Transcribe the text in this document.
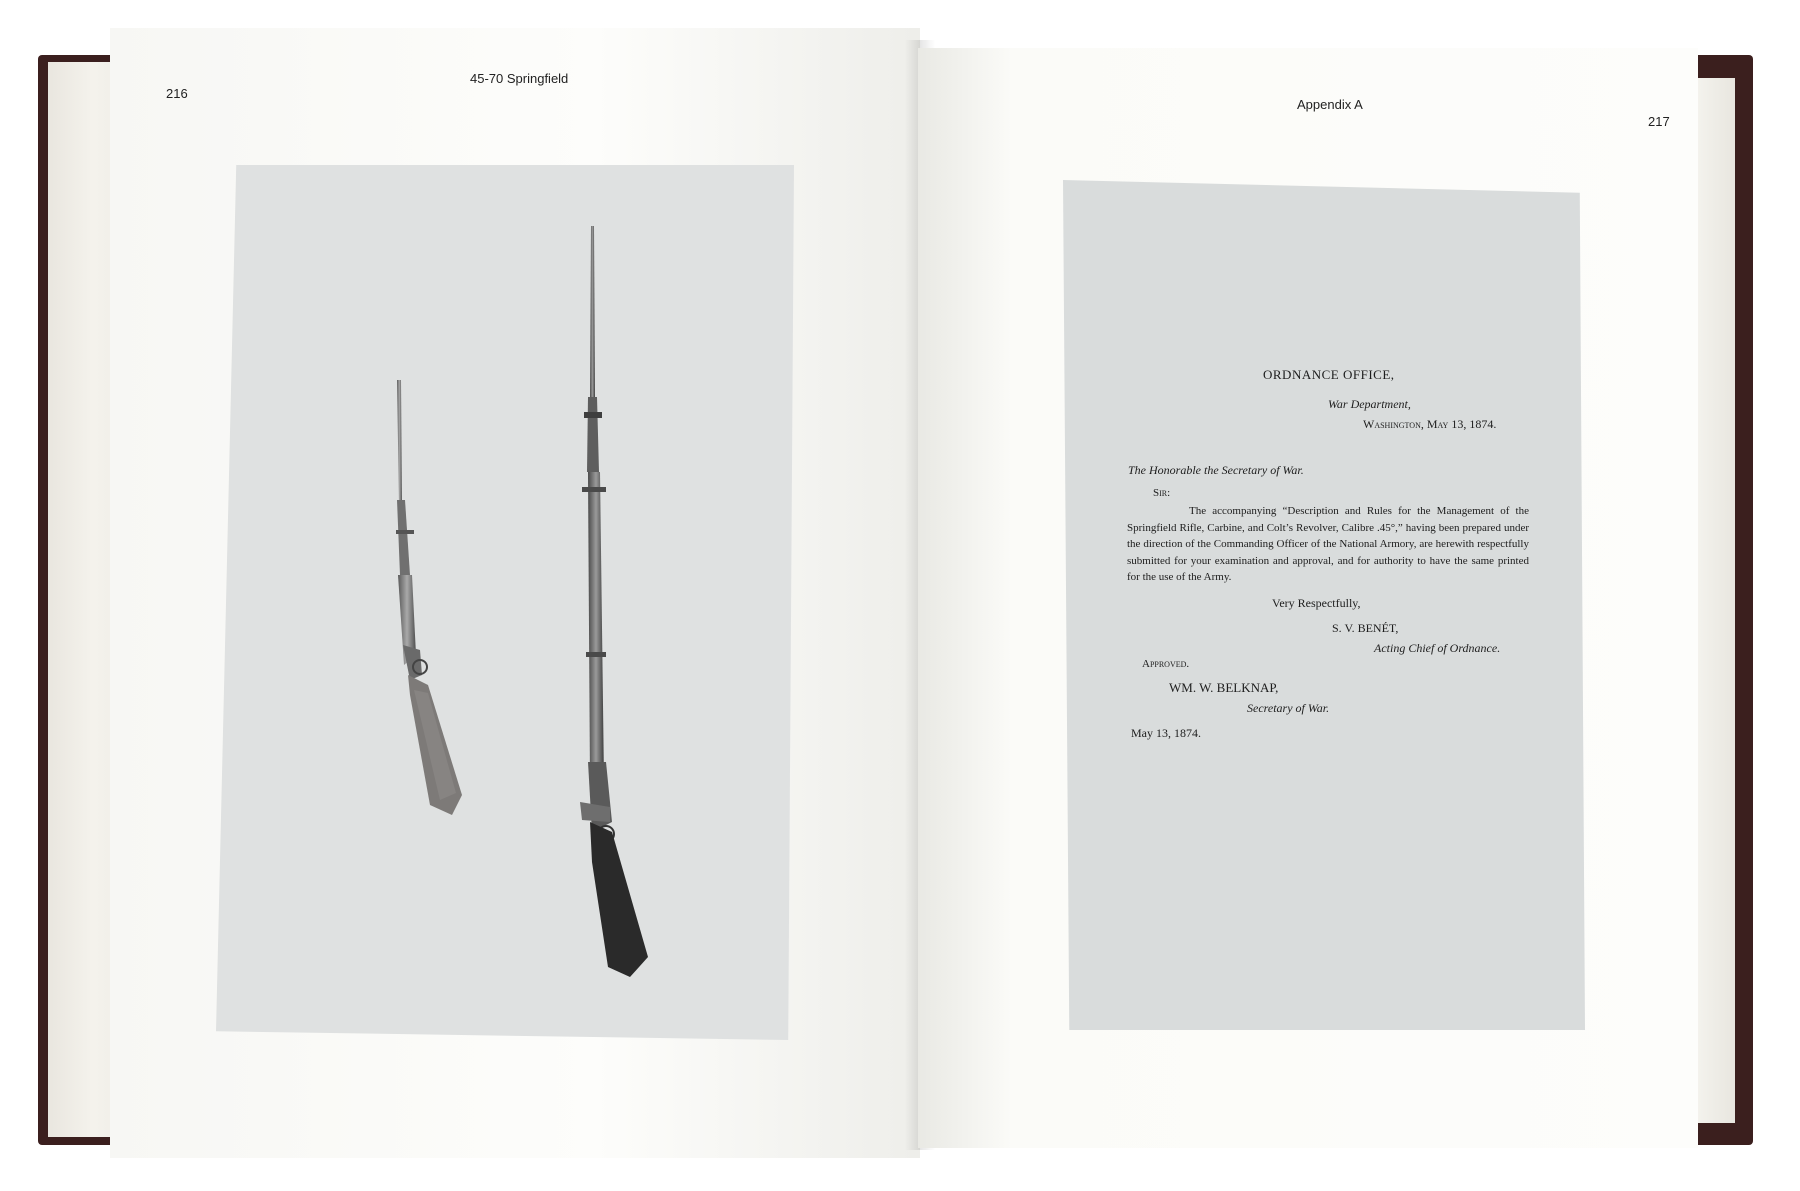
216
45-70 Springfield
Appendix A
217
ORDNANCE OFFICE,
War Department,
Washington, May 13, 1874.
The Honorable the Secretary of War.
Sir:
The accompanying “Description and Rules for the Management of the Springfield Rifle, Carbine, and Colt’s Revolver, Calibre .45°,” having been prepared under the direction of the Commanding Officer of the National Armory, are herewith respectfully submitted for your examination and approval, and for authority to have the same printed for the use of the Army.
Very Respectfully,
S. V. BENÉT,
Acting Chief of Ordnance.
Approved.
WM. W. BELKNAP,
Secretary of War.
May 13, 1874.
